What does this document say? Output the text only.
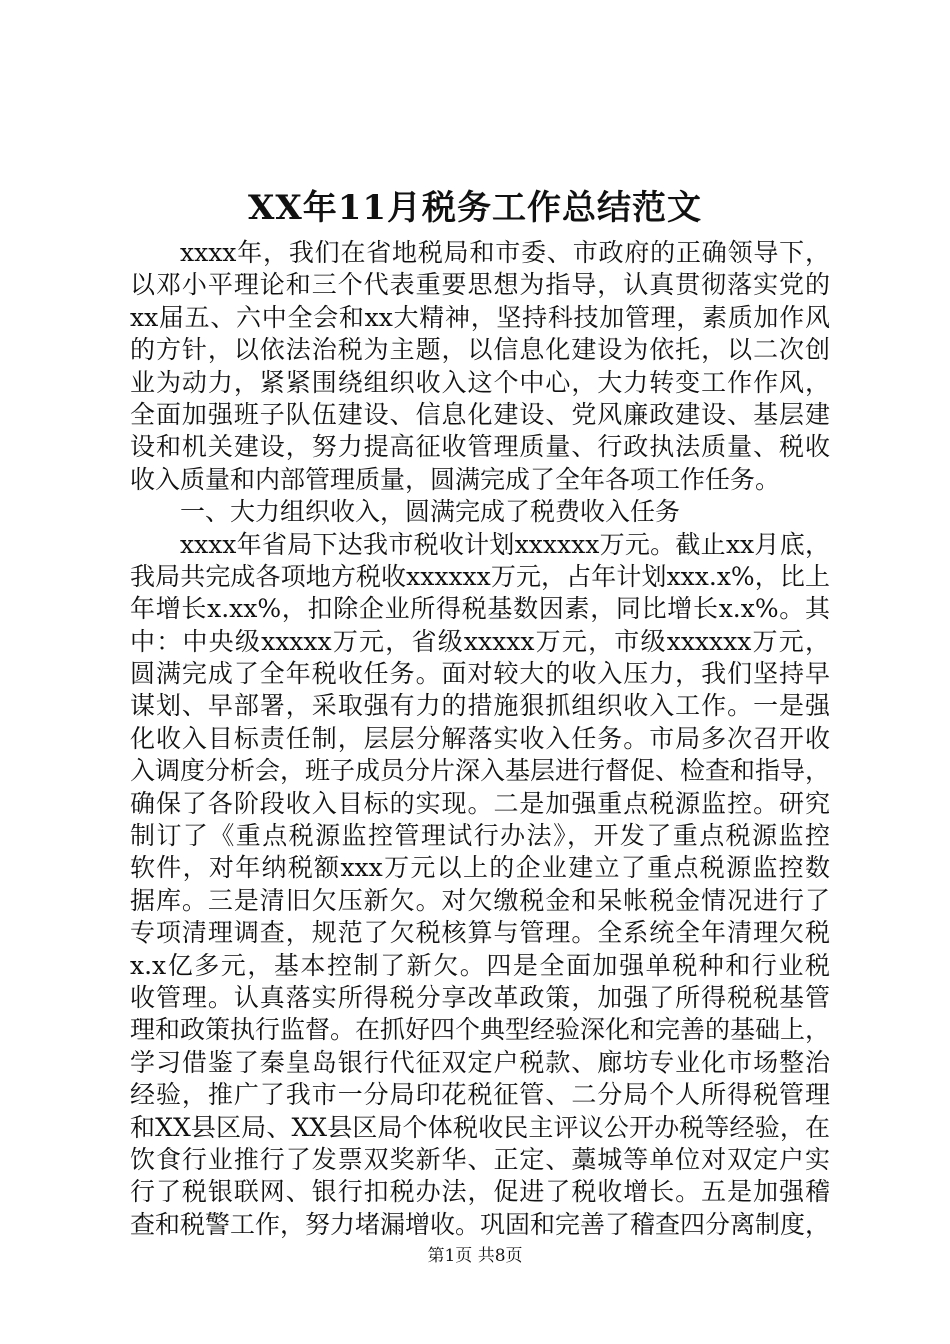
XX年11月税务工作总结范文
xxxx年，我们在省地税局和市委、市政府的正确领导下，
以邓小平理论和三个代表重要思想为指导，认真贯彻落实党的
xx届五、六中全会和xx大精神，坚持科技加管理，素质加作风
的方针，以依法治税为主题，以信息化建设为依托，以二次创
业为动力，紧紧围绕组织收入这个中心，大力转变工作作风，
全面加强班子队伍建设、信息化建设、党风廉政建设、基层建
设和机关建设，努力提高征收管理质量、行政执法质量、税收
收入质量和内部管理质量，圆满完成了全年各项工作任务。
一、大力组织收入，圆满完成了税费收入任务
xxxx年省局下达我市税收计划xxxxxx万元。截止xx月底，
我局共完成各项地方税收xxxxxx万元，占年计划xxx.x%，比上
年增长x.xx%，扣除企业所得税基数因素，同比增长x.x%。其
中：中央级xxxxx万元，省级xxxxx万元，市级xxxxxx万元，
圆满完成了全年税收任务。面对较大的收入压力，我们坚持早
谋划、早部署，采取强有力的措施狠抓组织收入工作。一是强
化收入目标责任制，层层分解落实收入任务。市局多次召开收
入调度分析会，班子成员分片深入基层进行督促、检查和指导，
确保了各阶段收入目标的实现。二是加强重点税源监控。研究
制订了《重点税源监控管理试行办法》，开发了重点税源监控
软件，对年纳税额xxx万元以上的企业建立了重点税源监控数
据库。三是清旧欠压新欠。对欠缴税金和呆帐税金情况进行了
专项清理调查，规范了欠税核算与管理。全系统全年清理欠税
x.x亿多元，基本控制了新欠。四是全面加强单税种和行业税
收管理。认真落实所得税分享改革政策，加强了所得税税基管
理和政策执行监督。在抓好四个典型经验深化和完善的基础上，
学习借鉴了秦皇岛银行代征双定户税款、廊坊专业化市场整治
经验，推广了我市一分局印花税征管、二分局个人所得税管理
和XX县区局、XX县区局个体税收民主评议公开办税等经验，在
饮食行业推行了发票双奖新华、正定、藁城等单位对双定户实
行了税银联网、银行扣税办法，促进了税收增长。五是加强稽
查和税警工作，努力堵漏增收。巩固和完善了稽查四分离制度，
第1页 共8页
